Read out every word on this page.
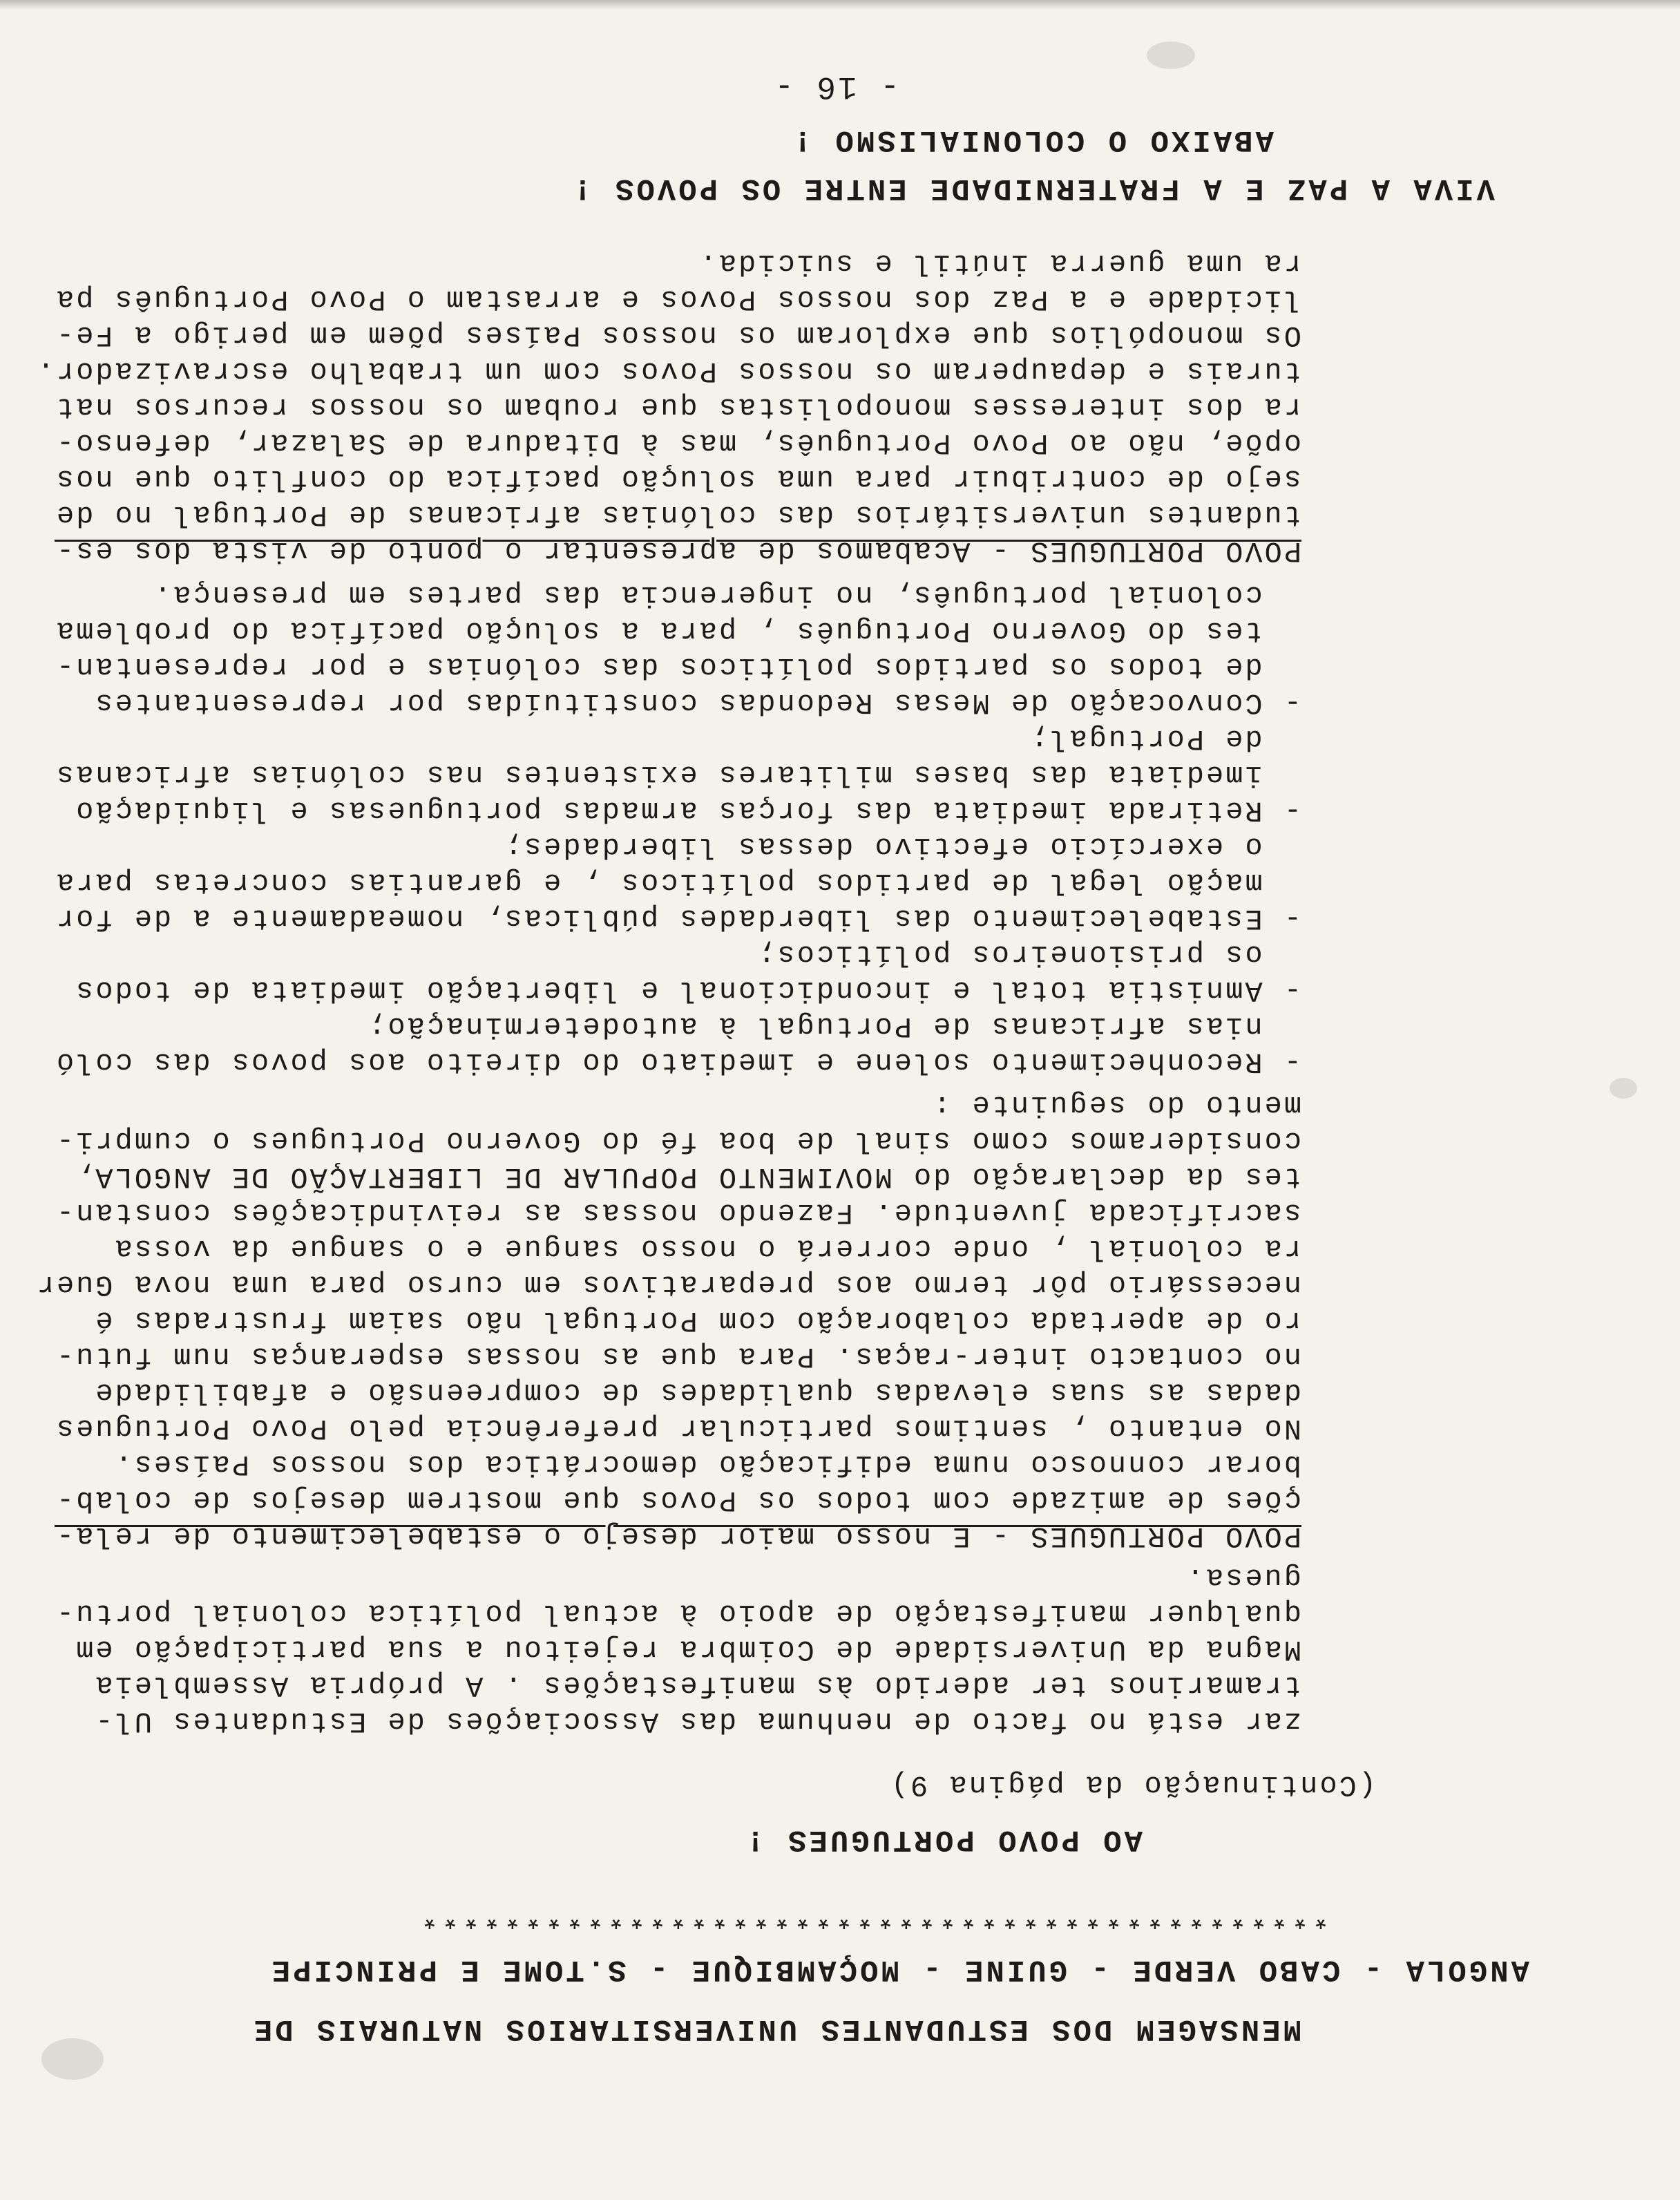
MENSAGEM DOS ESTUDANTES UNIVERSITARIOS NATURAIS DE
ANGOLA - CABO VERDE - GUINE - MOÇAMBIQUE - S.TOME E PRINCIPE
********************************************
AO POVO PORTUGUES !
(Continuação da página 9)
zar está no facto de nenhuma das Associações de Estudantes Ul-
tramarinos ter aderido às manifestações . A própria Assembleia
Magna da Universidade de Coimbra rejeitou a sua participação em
qualquer manifestação de apoio à actual política colonial portu-
guesa.
POVO PORTUGUES - E nosso maior desejo o estabelecimento de rela-
ções de amizade com todos os Povos que mostrem desejos de colab-
borar connosco numa edificação democrática dos nossos Países.
No entanto , sentimos particular preferência pelo Povo Portugues
dadas as suas elevadas qualidades de compreensão e afabilidade
no contacto inter-raças. Para que as nossas esperanças num futu-
ro de apertada colaboração com Portugal não saiam frustradas é
necessário pôr termo aos preparativos em curso para uma nova Guer
ra colonial , onde correrá o nosso sangue e o sangue da vossa
sacrificada juventude. Fazendo nossas as reivindicações constan-
tes da declaração do MOVIMENTO POPULAR DE LIBERTAÇÃO DE ANGOLA,
consideramos como sinal de boa fé do Governo Portugues o cumpri-
mento do seguinte :
- Reconhecimento solene e imediato do direito aos povos das coló
nias africanas de Portugal à autodeterminação;
- Amnistia total e incondicional e libertação imediata de todos
os prisioneiros políticos;
- Estabelecimento das liberdades públicas, nomeadamente a de for
mação legal de partidos políticos , e garantias concretas para
o exercício efectivo dessas liberdades;
- Retirada imediata das forças armadas portuguesas e liquidação
imediata das bases militares existentes nas colónias africanas
de Portugal;
- Convocação de Mesas Redondas constituídas por representantes
de todos os partidos políticos das colónias e por representan-
tes do Governo Português , para a solução pacífica do problema
colonial português, no ingerencia das partes em presença.
POVO PORTUGUES - Acabamos de apresentar o ponto de vista dos es-
tudantes universitários das colónias africanas de Portugal no de
sejo de contribuir para uma solução pacífica do conflito que nos
opõe, não ao Povo Português, mas à Ditadura de Salazar, defenso-
ra dos interesses monopolistas que roubam os nossos recursos nat
turais e depauperam os nossos Povos com um trabalho escravizador.
Os monopólios que exploram os nossos Países põem em perigo a Fe-
licidade e a Paz dos nossos Povos e arrastam o Povo Português pa
ra uma guerra inútil e suicida.
VIVA A PAZ E A FRATERNIDADE ENTRE OS POVOS !
ABAIXO O COLONIALISMO !
- 16 -
